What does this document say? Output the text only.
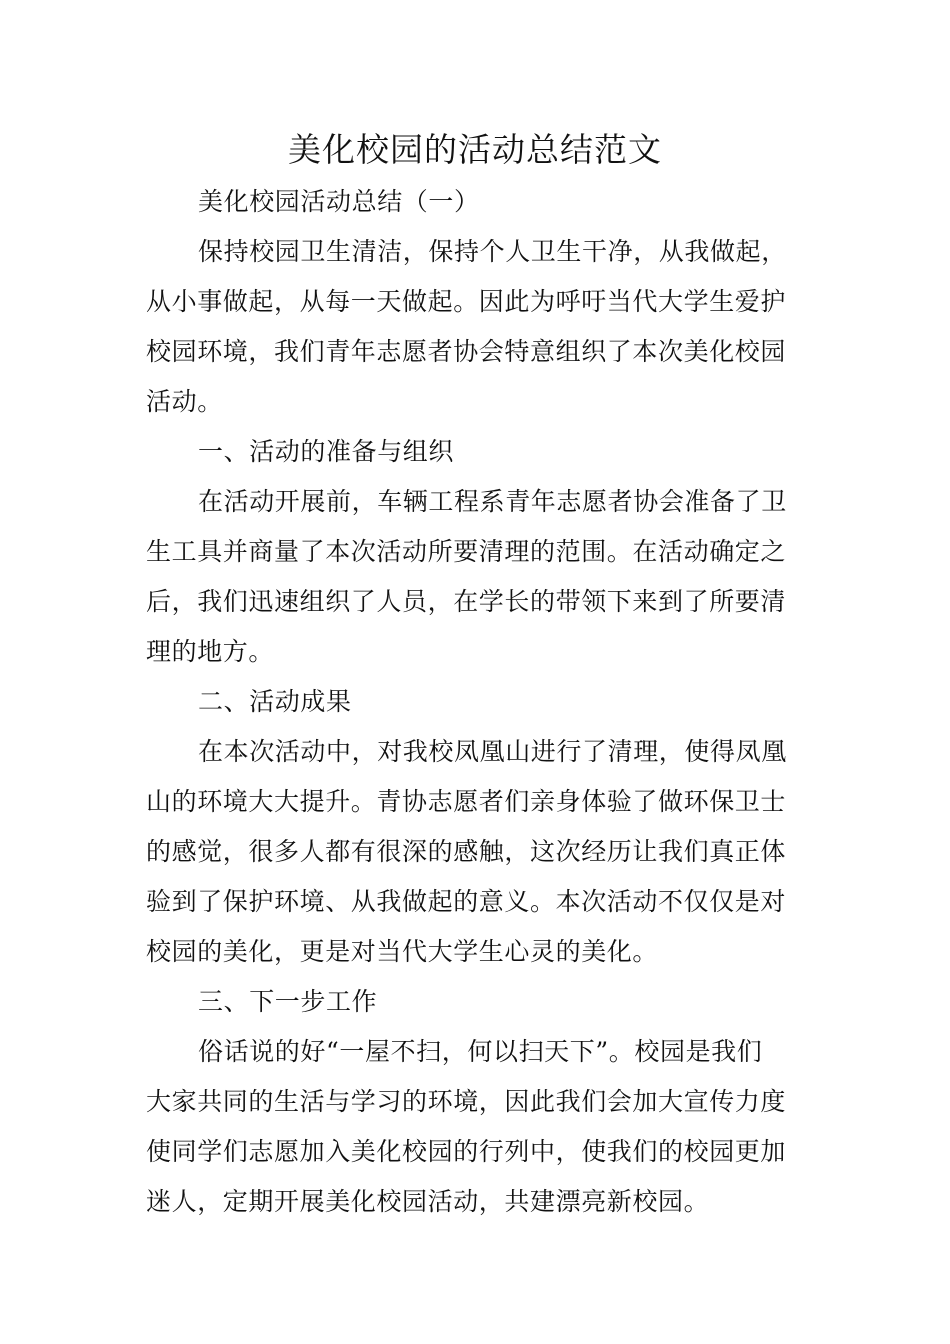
美化校园的活动总结范文
美化校园活动总结（一）
保持校园卫生清洁，保持个人卫生干净，从我做起，
从小事做起，从每一天做起。因此为呼吁当代大学生爱护
校园环境，我们青年志愿者协会特意组织了本次美化校园
活动。
一、活动的准备与组织
在活动开展前，车辆工程系青年志愿者协会准备了卫
生工具并商量了本次活动所要清理的范围。在活动确定之
后，我们迅速组织了人员，在学长的带领下来到了所要清
理的地方。
二、活动成果
在本次活动中，对我校凤凰山进行了清理，使得凤凰
山的环境大大提升。青协志愿者们亲身体验了做环保卫士
的感觉，很多人都有很深的感触，这次经历让我们真正体
验到了保护环境、从我做起的意义。本次活动不仅仅是对
校园的美化，更是对当代大学生心灵的美化。
三、下一步工作
俗话说的好“一屋不扫，何以扫天下”。校园是我们
大家共同的生活与学习的环境，因此我们会加大宣传力度
使同学们志愿加入美化校园的行列中，使我们的校园更加
迷人，定期开展美化校园活动，共建漂亮新校园。
